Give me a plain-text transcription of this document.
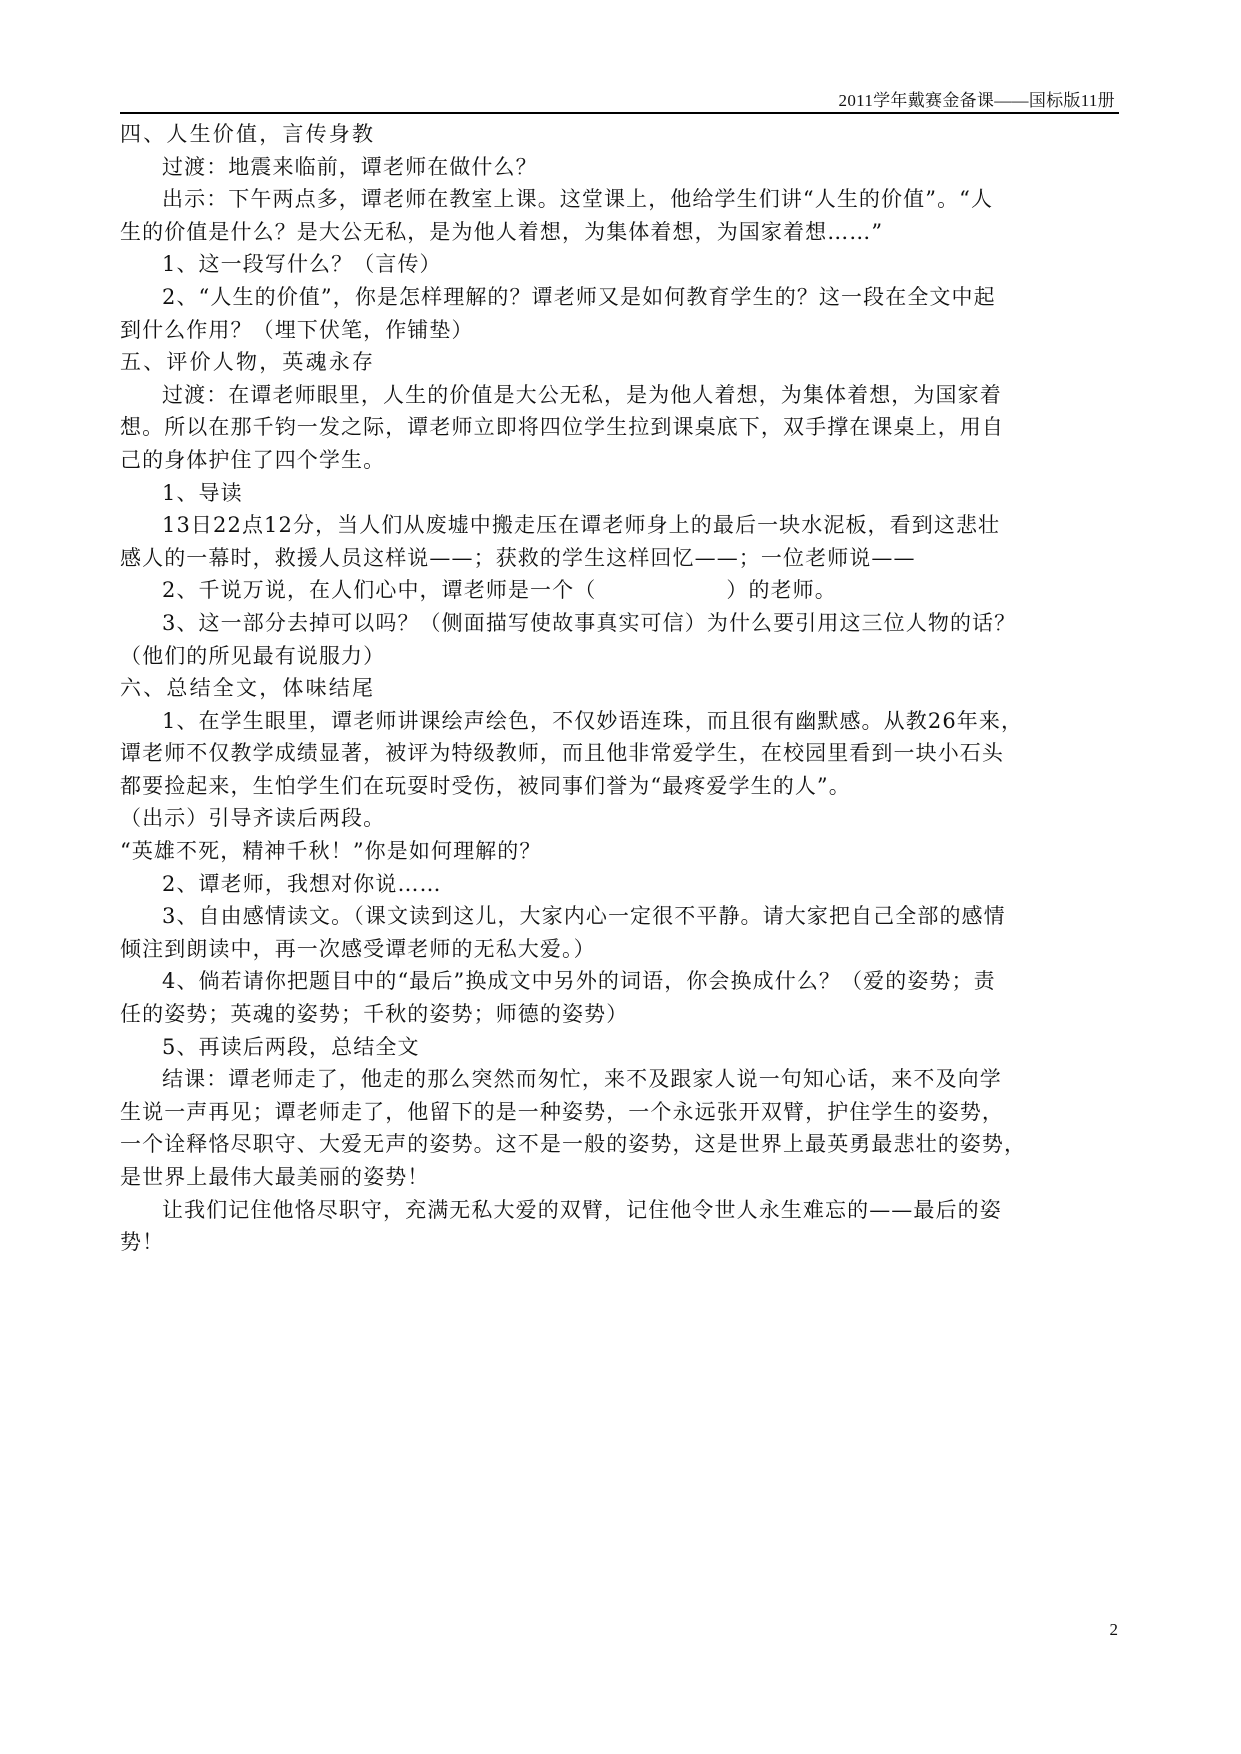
2011学年戴赛金备课——国标版11册
四、人生价值，言传身教
过渡：地震来临前，谭老师在做什么？
出示：下午两点多，谭老师在教室上课。这堂课上，他给学生们讲“人生的价值”。“人
生的价值是什么？是大公无私，是为他人着想，为集体着想，为国家着想……”
1、这一段写什么？（言传）
2、“人生的价值”，你是怎样理解的？谭老师又是如何教育学生的？这一段在全文中起
到什么作用？（埋下伏笔，作铺垫）
五、评价人物，英魂永存
过渡：在谭老师眼里，人生的价值是大公无私，是为他人着想，为集体着想，为国家着
想。所以在那千钧一发之际，谭老师立即将四位学生拉到课桌底下，双手撑在课桌上，用自
己的身体护住了四个学生。
1、导读
13日22点12分，当人们从废墟中搬走压在谭老师身上的最后一块水泥板，看到这悲壮
感人的一幕时，救援人员这样说——；获救的学生这样回忆——；一位老师说——
2、千说万说，在人们心中，谭老师是一个（	）的老师。
3、这一部分去掉可以吗？（侧面描写使故事真实可信）为什么要引用这三位人物的话？
（他们的所见最有说服力）
六、总结全文，体味结尾
1、在学生眼里，谭老师讲课绘声绘色，不仅妙语连珠，而且很有幽默感。从教26年来，
谭老师不仅教学成绩显著，被评为特级教师，而且他非常爱学生，在校园里看到一块小石头
都要捡起来，生怕学生们在玩耍时受伤，被同事们誉为“最疼爱学生的人”。
（出示）引导齐读后两段。
“英雄不死，精神千秋！”你是如何理解的？
2、谭老师，我想对你说……
3、自由感情读文。（课文读到这儿，大家内心一定很不平静。请大家把自己全部的感情
倾注到朗读中，再一次感受谭老师的无私大爱。）
4、倘若请你把题目中的“最后”换成文中另外的词语，你会换成什么？（爱的姿势；责
任的姿势；英魂的姿势；千秋的姿势；师德的姿势）
5、再读后两段，总结全文
结课：谭老师走了，他走的那么突然而匆忙，来不及跟家人说一句知心话，来不及向学
生说一声再见；谭老师走了，他留下的是一种姿势，一个永远张开双臂，护住学生的姿势，
一个诠释恪尽职守、大爱无声的姿势。这不是一般的姿势，这是世界上最英勇最悲壮的姿势，
是世界上最伟大最美丽的姿势！
让我们记住他恪尽职守，充满无私大爱的双臂，记住他令世人永生难忘的——最后的姿
势！
2
